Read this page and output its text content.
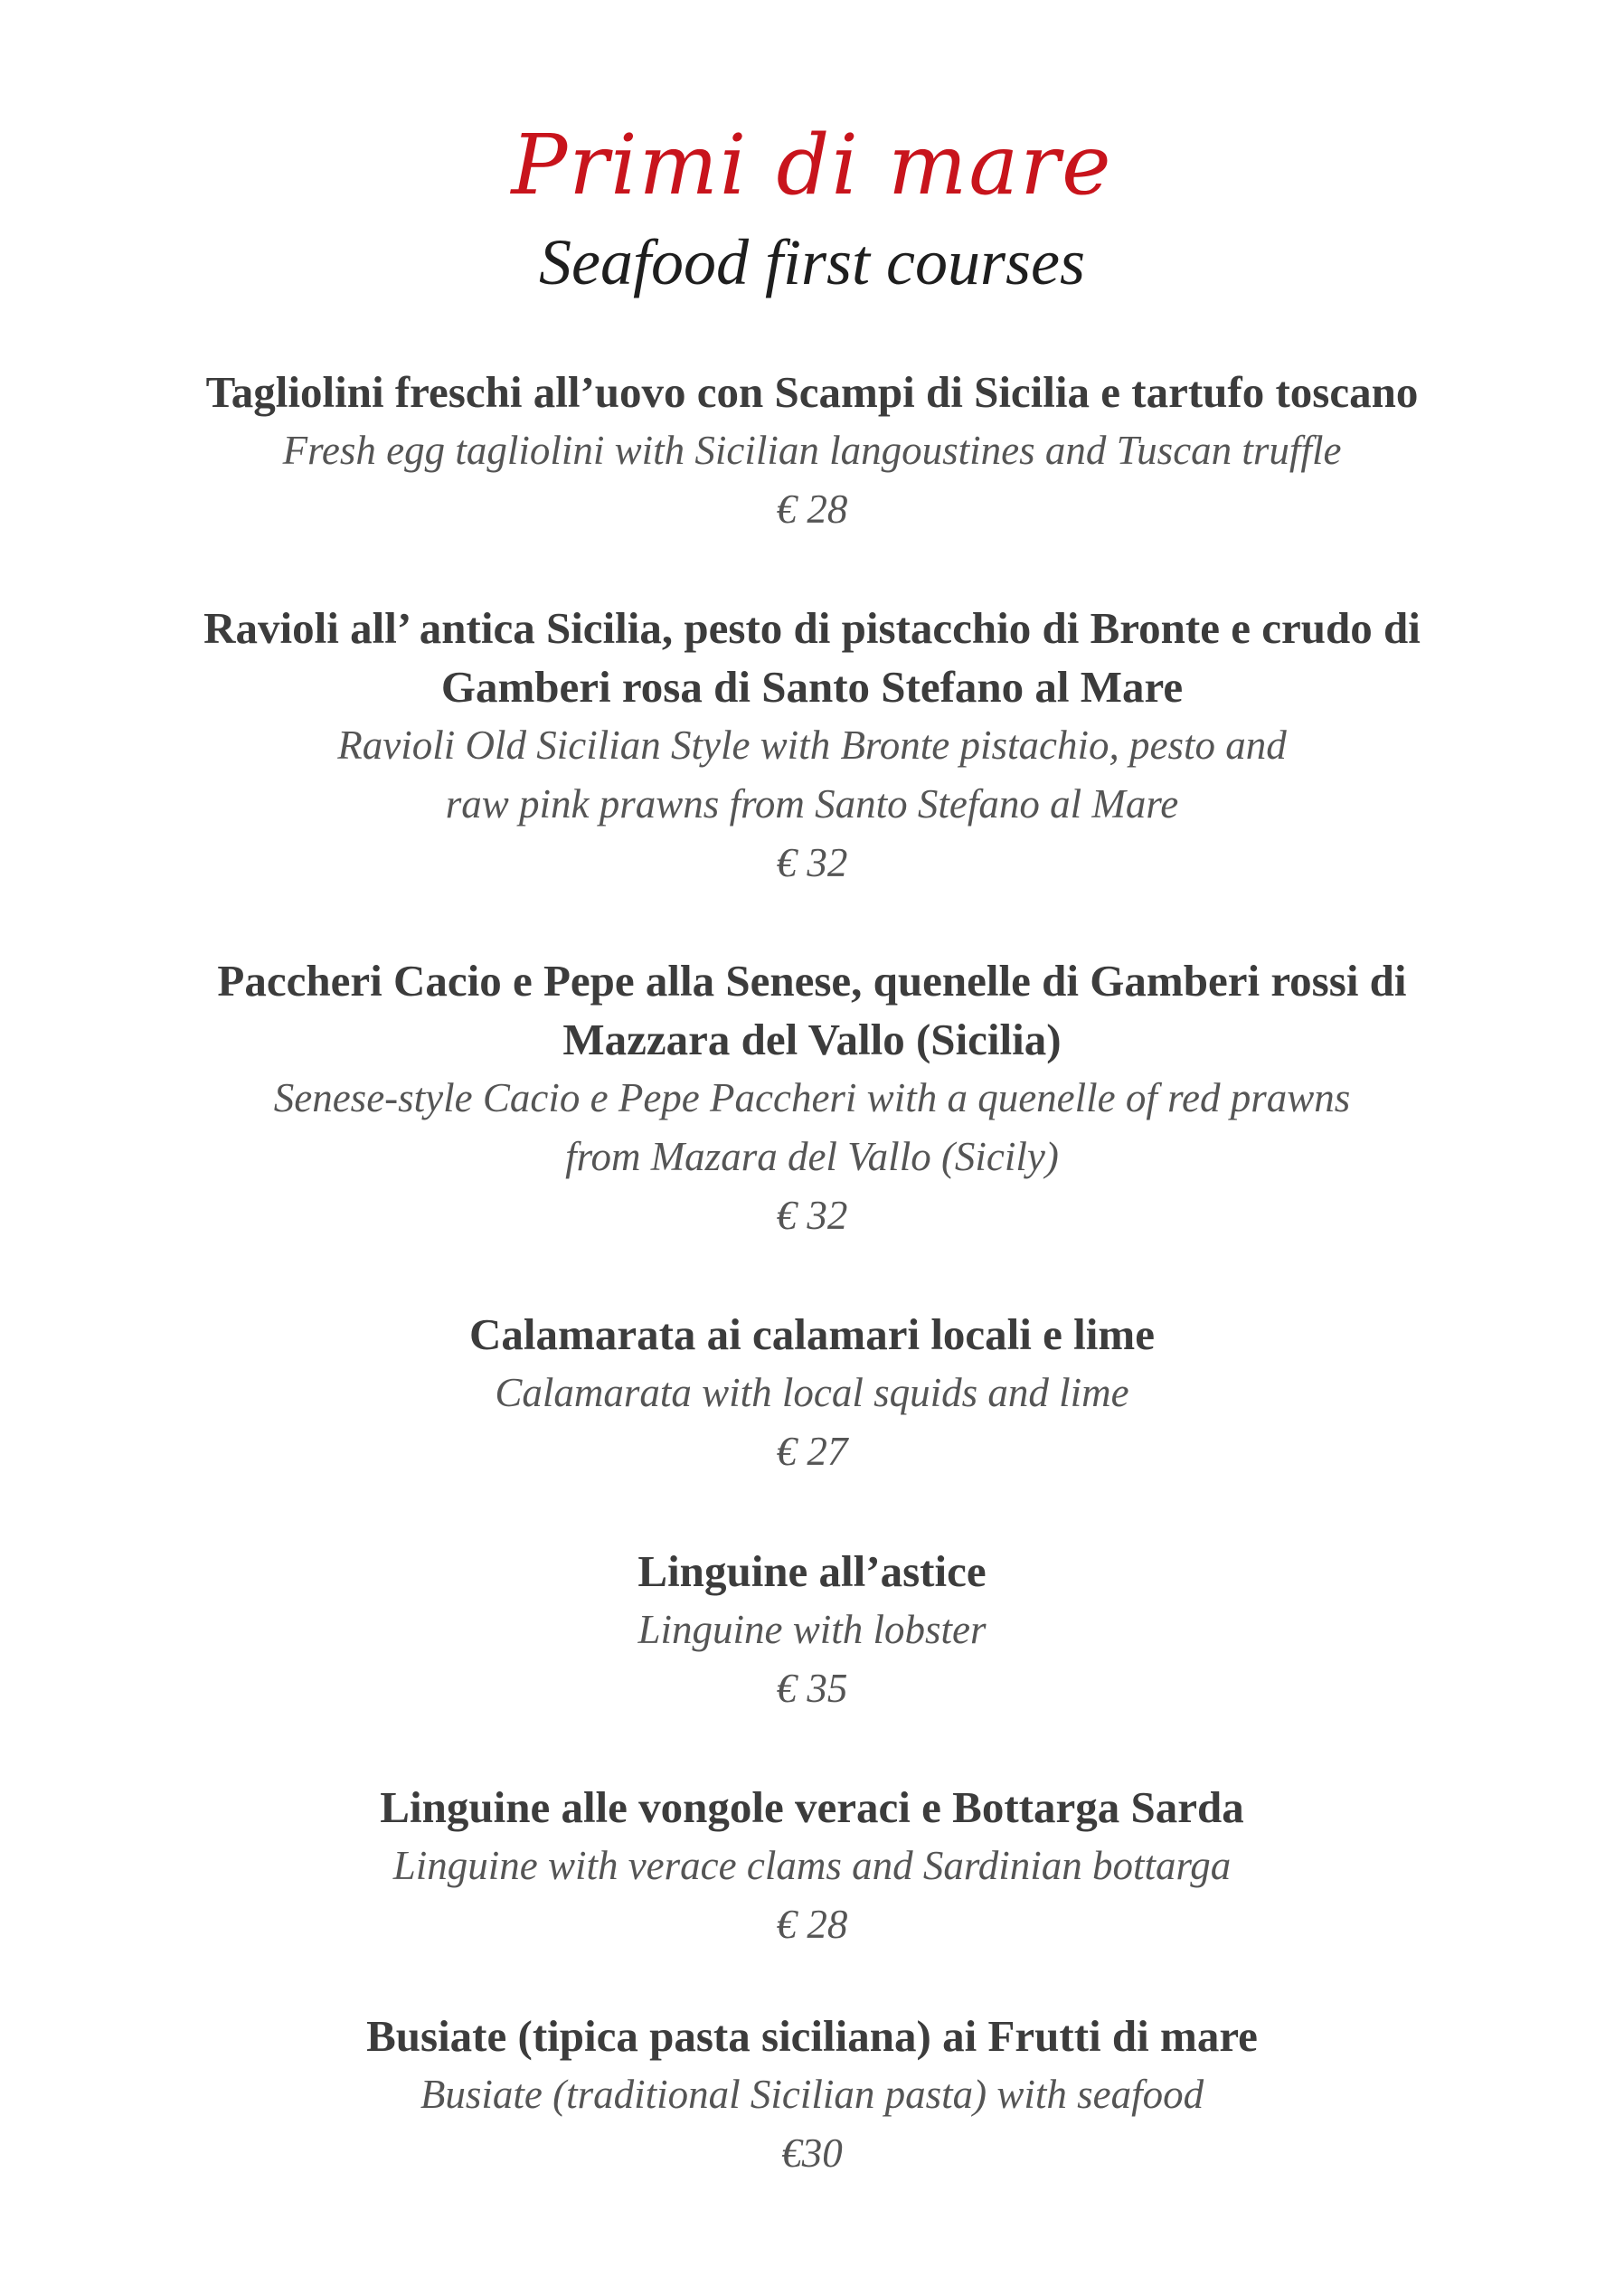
Primi di mare
Seafood first courses
Tagliolini freschi all’uovo con Scampi di Sicilia e tartufo toscano
Fresh egg tagliolini with Sicilian langoustines and Tuscan truffle
€ 28
Ravioli all’ antica Sicilia, pesto di pistacchio di Bronte e crudo di
Gamberi rosa di Santo Stefano al Mare
Ravioli Old Sicilian Style with Bronte pistachio, pesto and
raw pink prawns from Santo Stefano al Mare
€ 32
Paccheri Cacio e Pepe alla Senese, quenelle di Gamberi rossi di
Mazzara del Vallo (Sicilia)
Senese-style Cacio e Pepe Paccheri with a quenelle of red prawns
from Mazara del Vallo (Sicily)
€ 32
Calamarata ai calamari locali e lime
Calamarata with local squids and lime
€ 27
Linguine all’astice
Linguine with lobster
€ 35
Linguine alle vongole veraci e Bottarga Sarda
Linguine with verace clams and Sardinian bottarga
€ 28
Busiate (tipica pasta siciliana) ai Frutti di mare
Busiate (traditional Sicilian pasta) with seafood
€30
